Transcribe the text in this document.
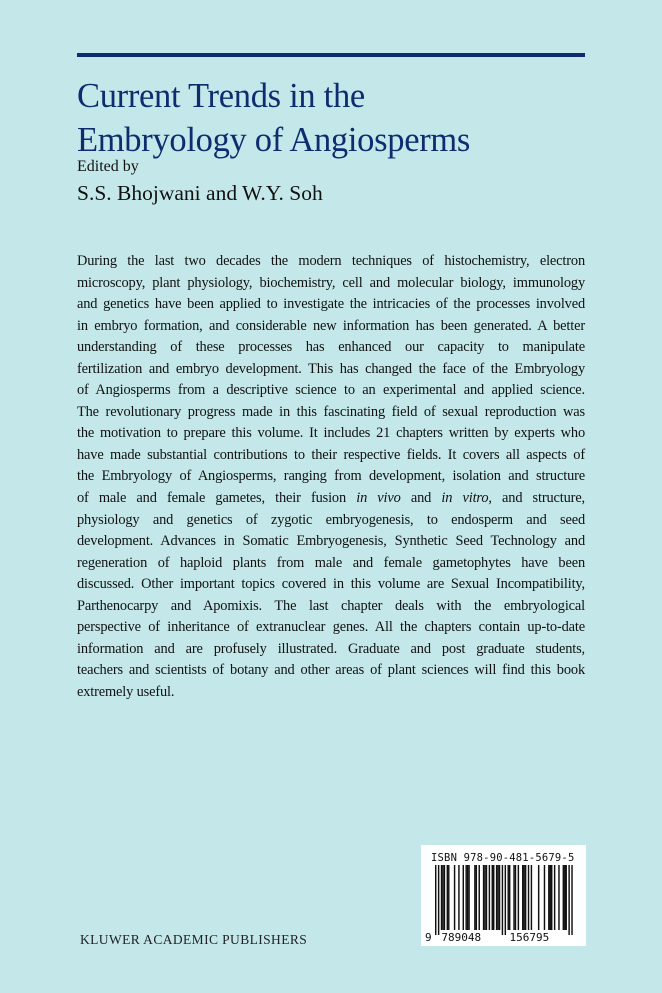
Current Trends in the
Embryology of Angiosperms
Edited by
S.S. Bhojwani and W.Y. Soh
During the last two decades the modern techniques of histochemistry, electron
microscopy, plant physiology, biochemistry, cell and molecular biology, immunology
and genetics have been applied to investigate the intricacies of the processes involved
in embryo formation, and considerable new information has been generated. A better
understanding of these processes has enhanced our capacity to manipulate
fertilization and embryo development. This has changed the face of the Embryology
of Angiosperms from a descriptive science to an experimental and applied science.
The revolutionary progress made in this fascinating field of sexual reproduction was
the motivation to prepare this volume. It includes 21 chapters written by experts who
have made substantial contributions to their respective fields. It covers all aspects of
the Embryology of Angiosperms, ranging from development, isolation and structure
of male and female gametes, their fusion in vivo and in vitro, and structure,
physiology and genetics of zygotic embryogenesis, to endosperm and seed
development. Advances in Somatic Embryogenesis, Synthetic Seed Technology and
regeneration of haploid plants from male and female gametophytes have been
discussed. Other important topics covered in this volume are Sexual Incompatibility,
Parthenocarpy and Apomixis. The last chapter deals with the embryological
perspective of inheritance of extranuclear genes. All the chapters contain up-to-date
information and are profusely illustrated. Graduate and post graduate students,
teachers and scientists of botany and other areas of plant sciences will find this book
extremely useful.
KLUWER ACADEMIC PUBLISHERS
ISBN 978-90-481-5679-5
9 789048	156795
